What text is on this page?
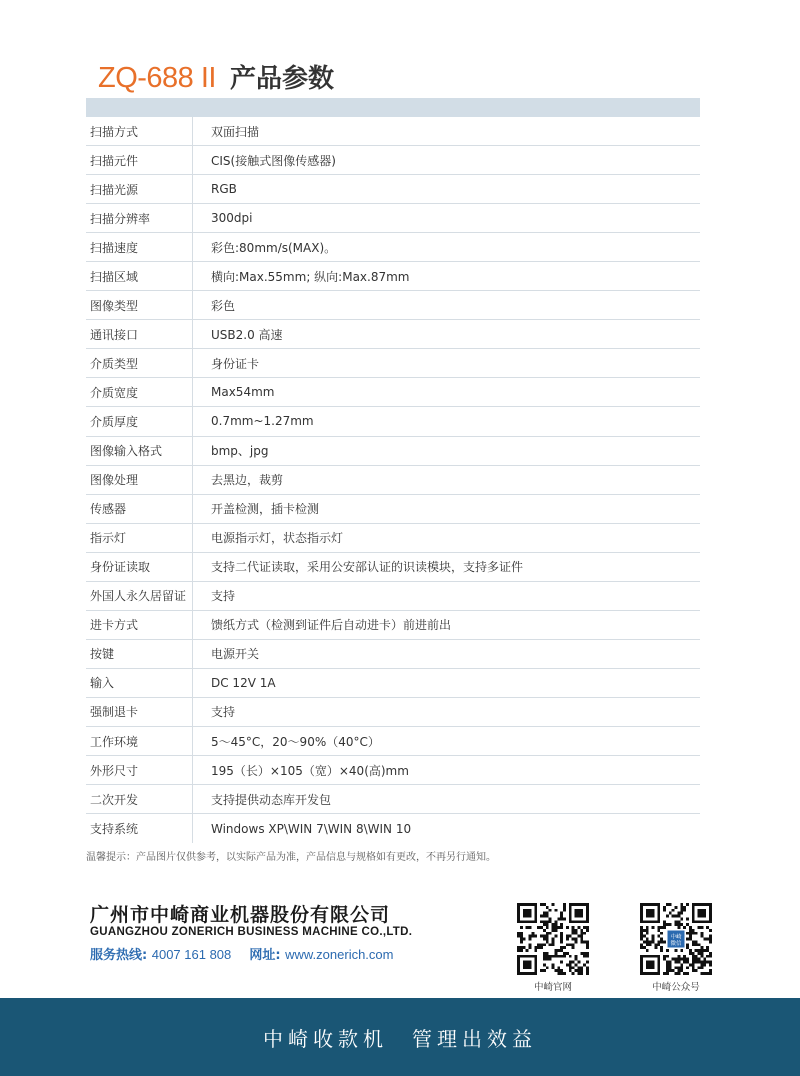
ZQ-688 II 产品参数
扫描方式	双面扫描
扫描元件	CIS(接触式图像传感器)
扫描光源	RGB
扫描分辨率	300dpi
扫描速度	彩色:80mm/s(MAX)。
扫描区域	横向:Max.55mm; 纵向:Max.87mm
图像类型	彩色
通讯接口	USB2.0 高速
介质类型	身份证卡
介质宽度	Max54mm
介质厚度	0.7mm~1.27mm
图像输入格式	bmp、jpg
图像处理	去黑边，裁剪
传感器	开盖检测，插卡检测
指示灯	电源指示灯，状态指示灯
身份证读取	支持二代证读取，采用公安部认证的识读模块，支持多证件
外国人永久居留证	支持
进卡方式	馈纸方式（检测到证件后自动进卡）前进前出
按键	电源开关
输入	DC 12V 1A
强制退卡	支持
工作环境	5～45°C，20～90%（40°C）
外形尺寸	195（长）×105（宽）×40(高)mm
二次开发	支持提供动态库开发包
支持系统	Windows XP\WIN 7\WIN 8\WIN 10
温馨提示：产品图片仅供参考，以实际产品为准，产品信息与规格如有更改，不再另行通知。
广州市中崎商业机器股份有限公司
GUANGZHOU ZONERICH BUSINESS MACHINE CO.,LTD.
服务热线: 4007 161 808 网址: www.zonerich.com
中崎官网
中崎
微信
中崎公众号
中崎收款机 管理出效益
